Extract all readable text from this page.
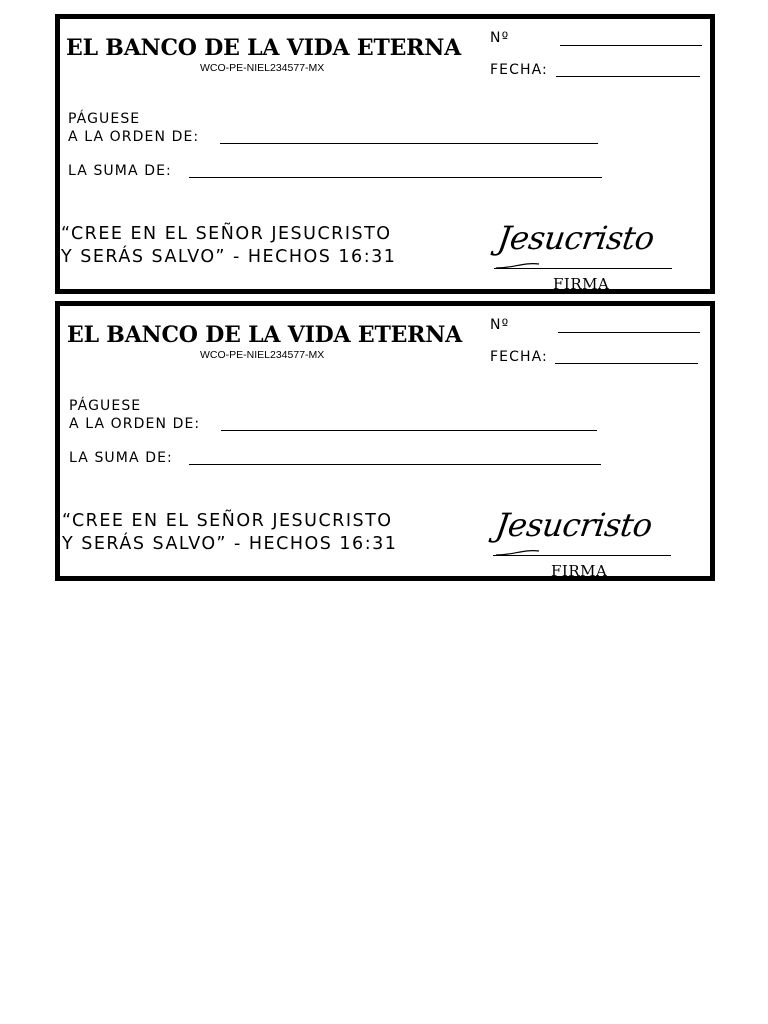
EL BANCO DE LA VIDA ETERNA
WCO-PE-NIEL234577-MX
Nº
FECHA:
PÁGUESE
A LA ORDEN DE:
LA SUMA DE:
“CREE EN EL SEÑOR JESUCRISTO
Y SERÁS SALVO” - HECHOS 16:31	Jesucristo
FIRMA
EL BANCO DE LA VIDA ETERNA
WCO-PE-NIEL234577-MX
Nº
FECHA:
PÁGUESE
A LA ORDEN DE:
LA SUMA DE:
“CREE EN EL SEÑOR JESUCRISTO
Y SERÁS SALVO” - HECHOS 16:31	Jesucristo
FIRMA
